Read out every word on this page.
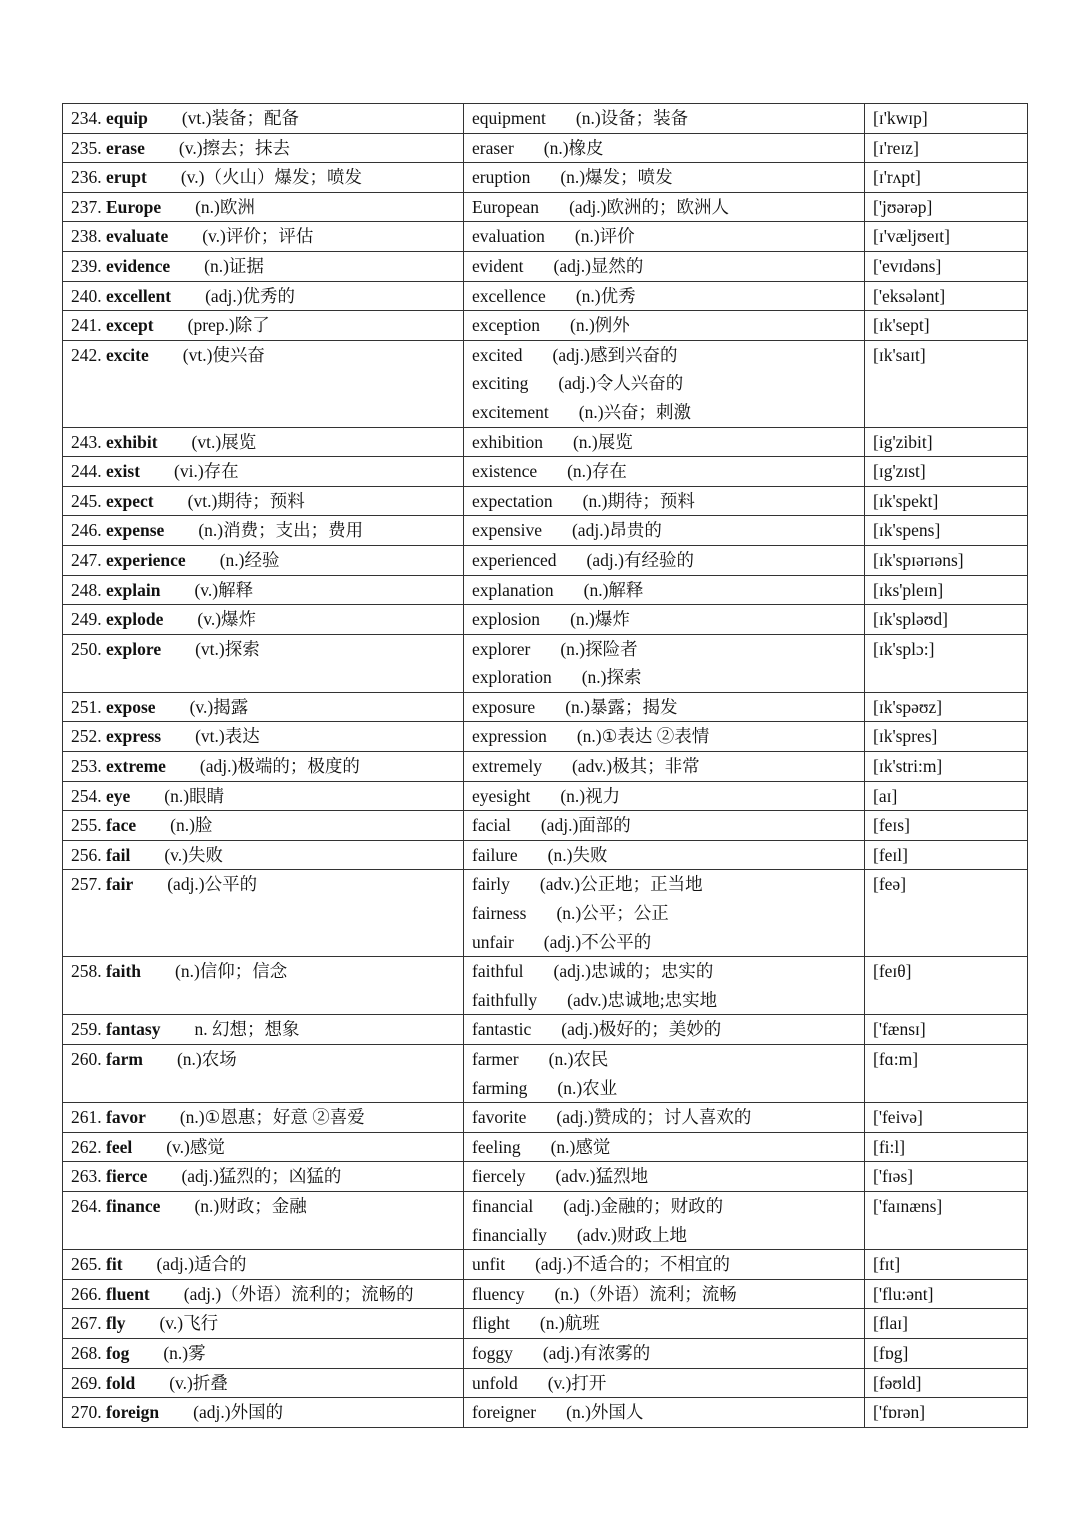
234. equip (vt.)装备；配备	equipment (n.)设备；装备	[ɪ'kwɪp]
235. erase (v.)擦去；抹去	eraser (n.)橡皮	[ɪ'reɪz]
236. erupt (v.)（火山）爆发；喷发	eruption (n.)爆发；喷发	[ɪ'rʌpt]
237. Europe (n.)欧洲	European (adj.)欧洲的；欧洲人	['jʊərəp]
238. evaluate (v.)评价；评估	evaluation (n.)评价	[ɪ'væljʊeɪt]
239. evidence (n.)证据	evident (adj.)显然的	['evɪdəns]
240. excellent (adj.)优秀的	excellence (n.)优秀	['eksələnt]
241. except (prep.)除了	exception (n.)例外	[ɪk'sept]
242. excite (vt.)使兴奋	excited (adj.)感到兴奋的
exciting (adj.)令人兴奋的
excitement (n.)兴奋；刺激	[ɪk'saɪt]
243. exhibit (vt.)展览	exhibition (n.)展览	[ig'zibit]
244. exist (vi.)存在	existence (n.)存在	[ɪg'zɪst]
245. expect (vt.)期待；预料	expectation (n.)期待；预料	[ɪk'spekt]
246. expense (n.)消费；支出；费用	expensive (adj.)昂贵的	[ɪk'spens]
247. experience (n.)经验	experienced (adj.)有经验的	[ɪk'spɪərɪəns]
248. explain (v.)解释	explanation (n.)解释	[ɪks'pleɪn]
249. explode (v.)爆炸	explosion (n.)爆炸	[ɪk'spləʊd]
250. explore (vt.)探索	explorer (n.)探险者
exploration (n.)探索	[ɪk'splɔ:]
251. expose (v.)揭露	exposure (n.)暴露；揭发	[ɪk'spəʊz]
252. express (vt.)表达	expression (n.)①表达 ②表情	[ɪk'spres]
253. extreme (adj.)极端的；极度的	extremely (adv.)极其；非常	[ɪk'stri:m]
254. eye (n.)眼睛	eyesight (n.)视力	[aɪ]
255. face (n.)脸	facial (adj.)面部的	[feɪs]
256. fail (v.)失败	failure (n.)失败	[feɪl]
257. fair (adj.)公平的	fairly (adv.)公正地；正当地
fairness (n.)公平；公正
unfair (adj.)不公平的	[feə]
258. faith (n.)信仰；信念	faithful (adj.)忠诚的；忠实的
faithfully (adv.)忠诚地;忠实地	[feɪθ]
259. fantasy n. 幻想；想象	fantastic (adj.)极好的；美妙的	['fænsɪ]
260. farm (n.)农场	farmer (n.)农民
farming (n.)农业	[fɑ:m]
261. favor (n.)①恩惠；好意 ②喜爱	favorite (adj.)赞成的；讨人喜欢的	['feivə]
262. feel (v.)感觉	feeling (n.)感觉	[fi:l]
263. fierce (adj.)猛烈的；凶猛的	fiercely (adv.)猛烈地	['fɪəs]
264. finance (n.)财政；金融	financial (adj.)金融的；财政的
financially (adv.)财政上地	['faɪnæns]
265. fit (adj.)适合的	unfit (adj.)不适合的；不相宜的	[fɪt]
266. fluent (adj.)（外语）流利的；流畅的	fluency (n.)（外语）流利；流畅	['flu:ənt]
267. fly (v.)飞行	flight (n.)航班	[flaɪ]
268. fog (n.)雾	foggy (adj.)有浓雾的	[fɒg]
269. fold (v.)折叠	unfold (v.)打开	[fəʊld]
270. foreign (adj.)外国的	foreigner (n.)外国人	['fɒrən]
